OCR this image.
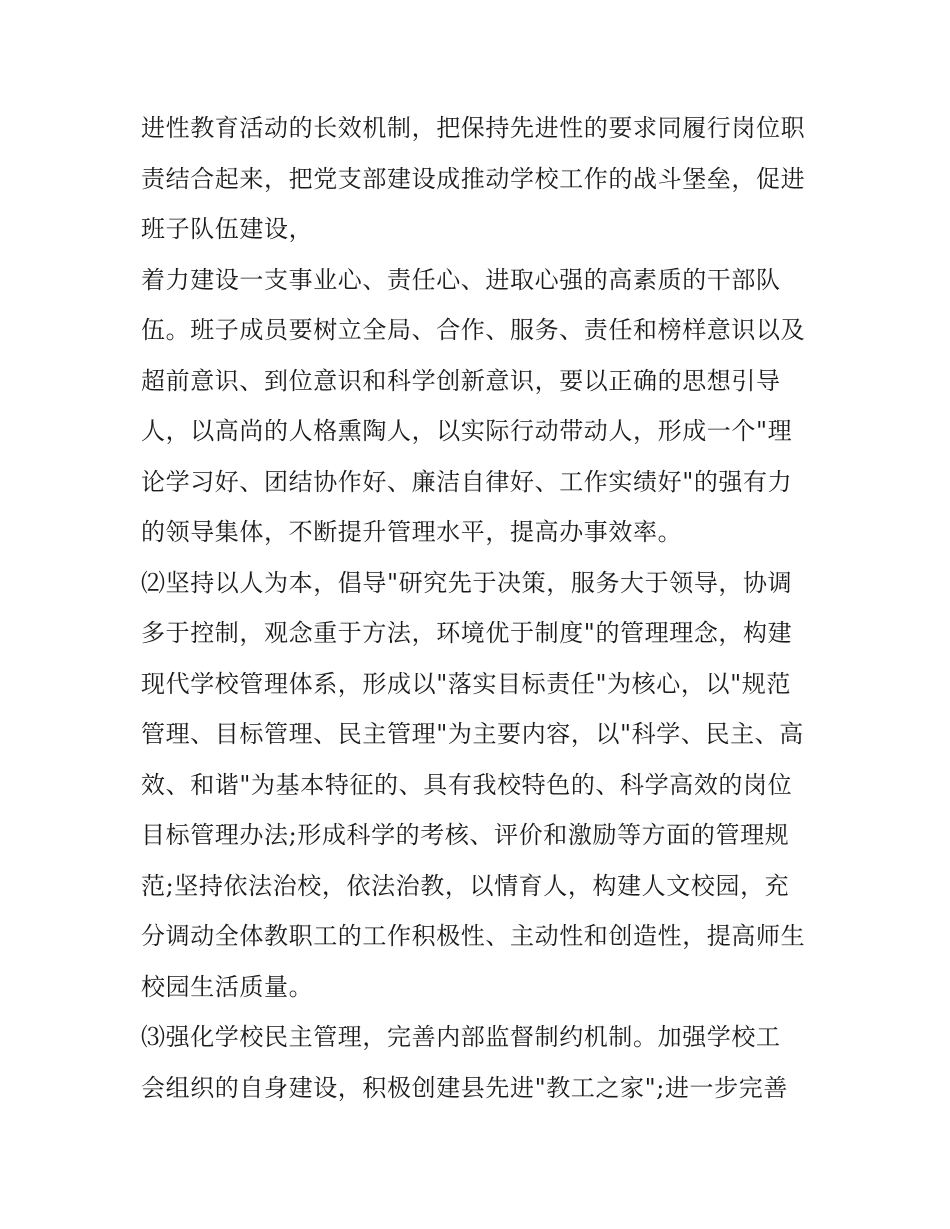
进性教育活动的长效机制，把保持先进性的要求同履行岗位职
责结合起来，把党支部建设成推动学校工作的战斗堡垒，促进
班子队伍建设，
着力建设一支事业心、责任心、进取心强的高素质的干部队
伍。班子成员要树立全局、合作、服务、责任和榜样意识以及
超前意识、到位意识和科学创新意识，要以正确的思想引导
人，以高尚的人格熏陶人，以实际行动带动人，形成一个"理
论学习好、团结协作好、廉洁自律好、工作实绩好"的强有力
的领导集体，不断提升管理水平，提高办事效率。
⑵坚持以人为本，倡导"研究先于决策，服务大于领导，协调
多于控制，观念重于方法，环境优于制度"的管理理念，构建
现代学校管理体系，形成以"落实目标责任"为核心，以"规范
管理、目标管理、民主管理"为主要内容，以"科学、民主、高
效、和谐"为基本特征的、具有我校特色的、科学高效的岗位
目标管理办法;形成科学的考核、评价和激励等方面的管理规
范;坚持依法治校，依法治教，以情育人，构建人文校园，充
分调动全体教职工的工作积极性、主动性和创造性，提高师生
校园生活质量。
⑶强化学校民主管理，完善内部监督制约机制。加强学校工
会组织的自身建设，积极创建县先进"教工之家";进一步完善
